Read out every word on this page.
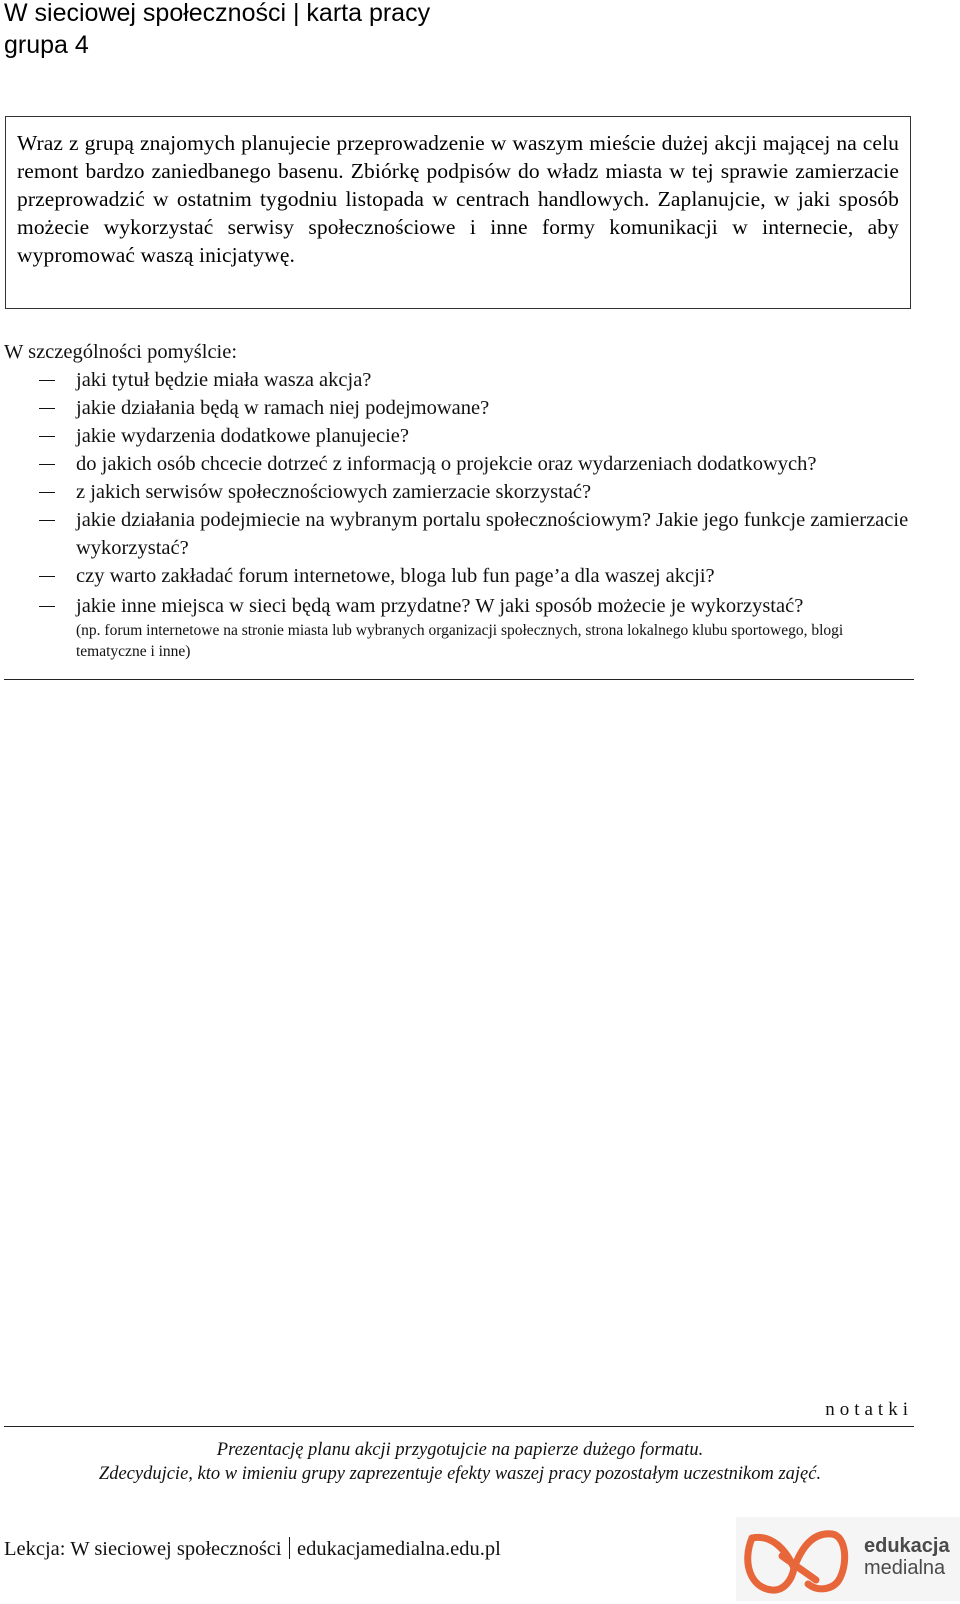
W sieciowej społeczności | karta pracy
grupa 4

Wraz z grupą znajomych planujecie przeprowadzenie w waszym mieście dużej akcji mającej na celu remont bardzo zaniedbanego basenu. Zbiórkę podpisów do władz miasta w tej sprawie zamierzacie przeprowadzić w ostatnim tygodniu listopada w centrach handlowych. Zaplanujcie, w jaki sposób możecie wykorzystać serwisy społecznościowe i inne formy komunikacji w internecie, aby wypromować waszą inicjatywę.

W szczególności pomyślcie:
jaki tytuł będzie miała wasza akcja?
jakie działania będą w ramach niej podejmowane?
jakie wydarzenia dodatkowe planujecie?
do jakich osób chcecie dotrzeć z informacją o projekcie oraz wydarzeniach dodatkowych?
z jakich serwisów społecznościowych zamierzacie skorzystać?
jakie działania podejmiecie na wybranym portalu społecznościowym? Jakie jego funkcje zamierzacie wykorzystać?
czy warto zakładać forum internetowe, bloga lub fun page’a dla waszej akcji?
jakie inne miejsca w sieci będą wam przydatne? W jaki sposób możecie je wykorzystać?
(np. forum internetowe na stronie miasta lub wybranych organizacji społecznych, strona lokalnego klubu sportowego, blogi tematyczne i inne)
notatki
Prezentację planu akcji przygotujcie na papierze dużego formatu.
Zdecydujcie, kto w imieniu grupy zaprezentuje efekty waszej pracy pozostałym uczestnikom zajęć.
Lekcja: W sieciowej społeczności edukacjamedialna.edu.pl	edukacja
medialna
